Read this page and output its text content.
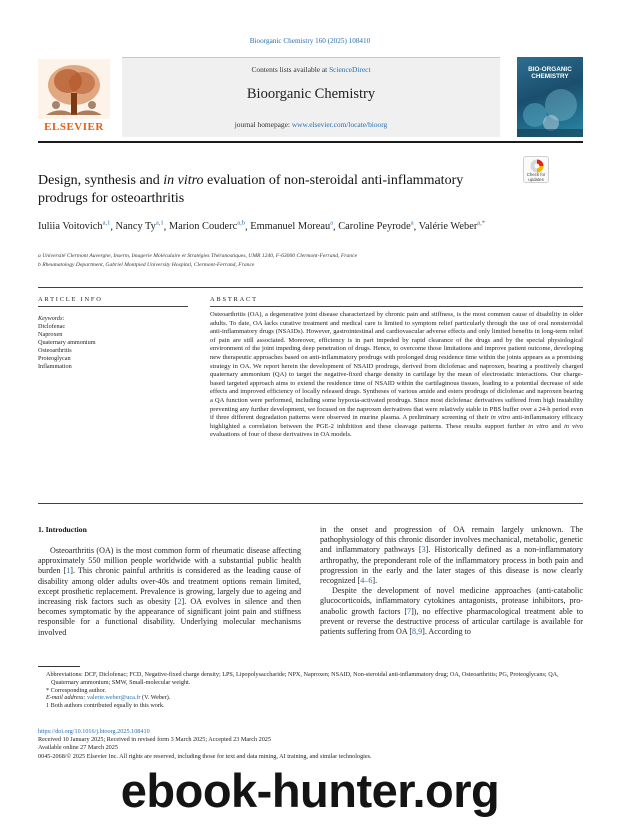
Bioorganic Chemistry 160 (2025) 108410
ELSEVIER
Contents lists available at ScienceDirect
Bioorganic Chemistry
journal homepage: www.elsevier.com/locate/bioorg
BIO-ORGANIC
CHEMISTRY
Design, synthesis and in vitro evaluation of non-steroidal anti-inflammatory prodrugs for osteoarthritis
Check for
updates
Iuliia Voitovich$^{a,1}$, Nancy Ty$^{a,1}$, Marion Couderc$^{a,b}$, Emmanuel Moreau$^a$, Caroline Peyrode$^a$, Valérie Weber$^{a,*}$
a Université Clermont Auvergne, Inserm, Imagerie Moléculaire et Stratégies Théranostiques, UMR 1240, F-63000 Clermont-Ferrand, France
b Rheumatology Department, Gabriel Montpied University Hospital, Clermont-Ferrand, France
ARTICLE INFO	ABSTRACT
Keywords:
Diclofenac
Naproxen
Quaternary ammonium
Osteoarthritis
Proteoglycan
Inflammation
Osteoarthritis (OA), a degenerative joint disease characterized by chronic pain and stiffness, is the most common cause of disability in older adults. To date, OA lacks curative treatment and medical care is limited to symptom relief particularly through the use of oral nonsteroidal anti-inflammatory drugs (NSAIDs). However, gastrointestinal and cardiovascular adverse effects and only limited benefits in long-term relief of pain are still associated. Moreover, efficiency is in part impeded by rapid clearance of the drugs and by the special physiological environment of the joint impeding deep penetration of drugs. Hence, to overcome those limitations and improve patient outcome, developing new therapeutic approaches based on anti-inflammatory prodrugs with prolonged drug residence time within the joints appears as a promising strategy in OA. We report herein the development of NSAID prodrugs, derived from diclofenac and naproxen, bearing a positively charged quaternary ammonium (QA) to target the negative-fixed charge density in cartilage by the mean of electrostatic interactions. Our charge-based targeted approach aims to extend the residence time of NSAID within the cartilaginous tissues, leading to a potential decrease of side effects and improved efficiency of locally released drugs. Syntheses of various amide and esters prodrugs of diclofenac and naproxen bearing a QA function were performed, including some hypoxia-activated prodrugs. Since most diclofenac derivatives suffered from high instability preventing any further development, we focused on the naproxen derivatives that were relatively stable in PBS buffer over a 24-h period even if three different degradation patterns were observed in murine plasma. A preliminary screening of their in vitro anti-inflammatory efficacy highlighted a correlation between the PGE-2 inhibition and these cleavage patterns. These results support further in vitro and in vivo evaluations of four of these derivatives in OA models.
1. Introduction
Osteoarthritis (OA) is the most common form of rheumatic disease affecting approximately 550 million people worldwide with a substantial public health burden [1]. This chronic painful arthritis is considered as the leading cause of disability among older adults over-40s and treatment options remain limited, except prosthetic replacement. Prevalence is growing, largely due to ageing and increasing risk factors such as obesity [2]. OA evolves in silence and then becomes symptomatic by the appearance of significant joint pain and stiffness responsible for a functional disability. Underlying molecular mechanisms involved

in the onset and progression of OA remain largely unknown. The pathophysiology of this chronic disorder involves mechanical, metabolic, genetic and inflammatory pathways [3]. Historically defined as a non-inflammatory arthropathy, the preponderant role of the inflammatory process in both pain and progression in the early and the later stages of this disease is now clearly recognized [4–6].

Despite the development of novel medicine approaches (anti-catabolic glucocorticoids, inflammatory cytokines antagonists, protease inhibitors, pro-anabolic growth factors [7]), no effective pharmacological treatment able to prevent or reverse the destructive process of articular cartilage is available for patients suffering from OA [8,9]. According to

Abbreviations: DCF, Diclofenac; FCD, Negative-fixed charge density; LPS, Lipopolysaccharide; NPX, Naproxen; NSAID, Non-steroidal anti-inflammatory drug; OA, Osteoarthritis; PG, Proteoglycans; QA, Quaternary ammonium; SMW, Small-molecular weight.
* Corresponding author.
E-mail address: valerie.weber@uca.fr (V. Weber).
1 Both authors contributed equally to this work.
https://doi.org/10.1016/j.bioorg.2025.108410
Received 10 January 2025; Received in revised form 3 March 2025; Accepted 23 March 2025
Available online 27 March 2025
0045-2068/© 2025 Elsevier Inc. All rights are reserved, including those for text and data mining, AI training, and similar technologies.
ebook-hunter.org
